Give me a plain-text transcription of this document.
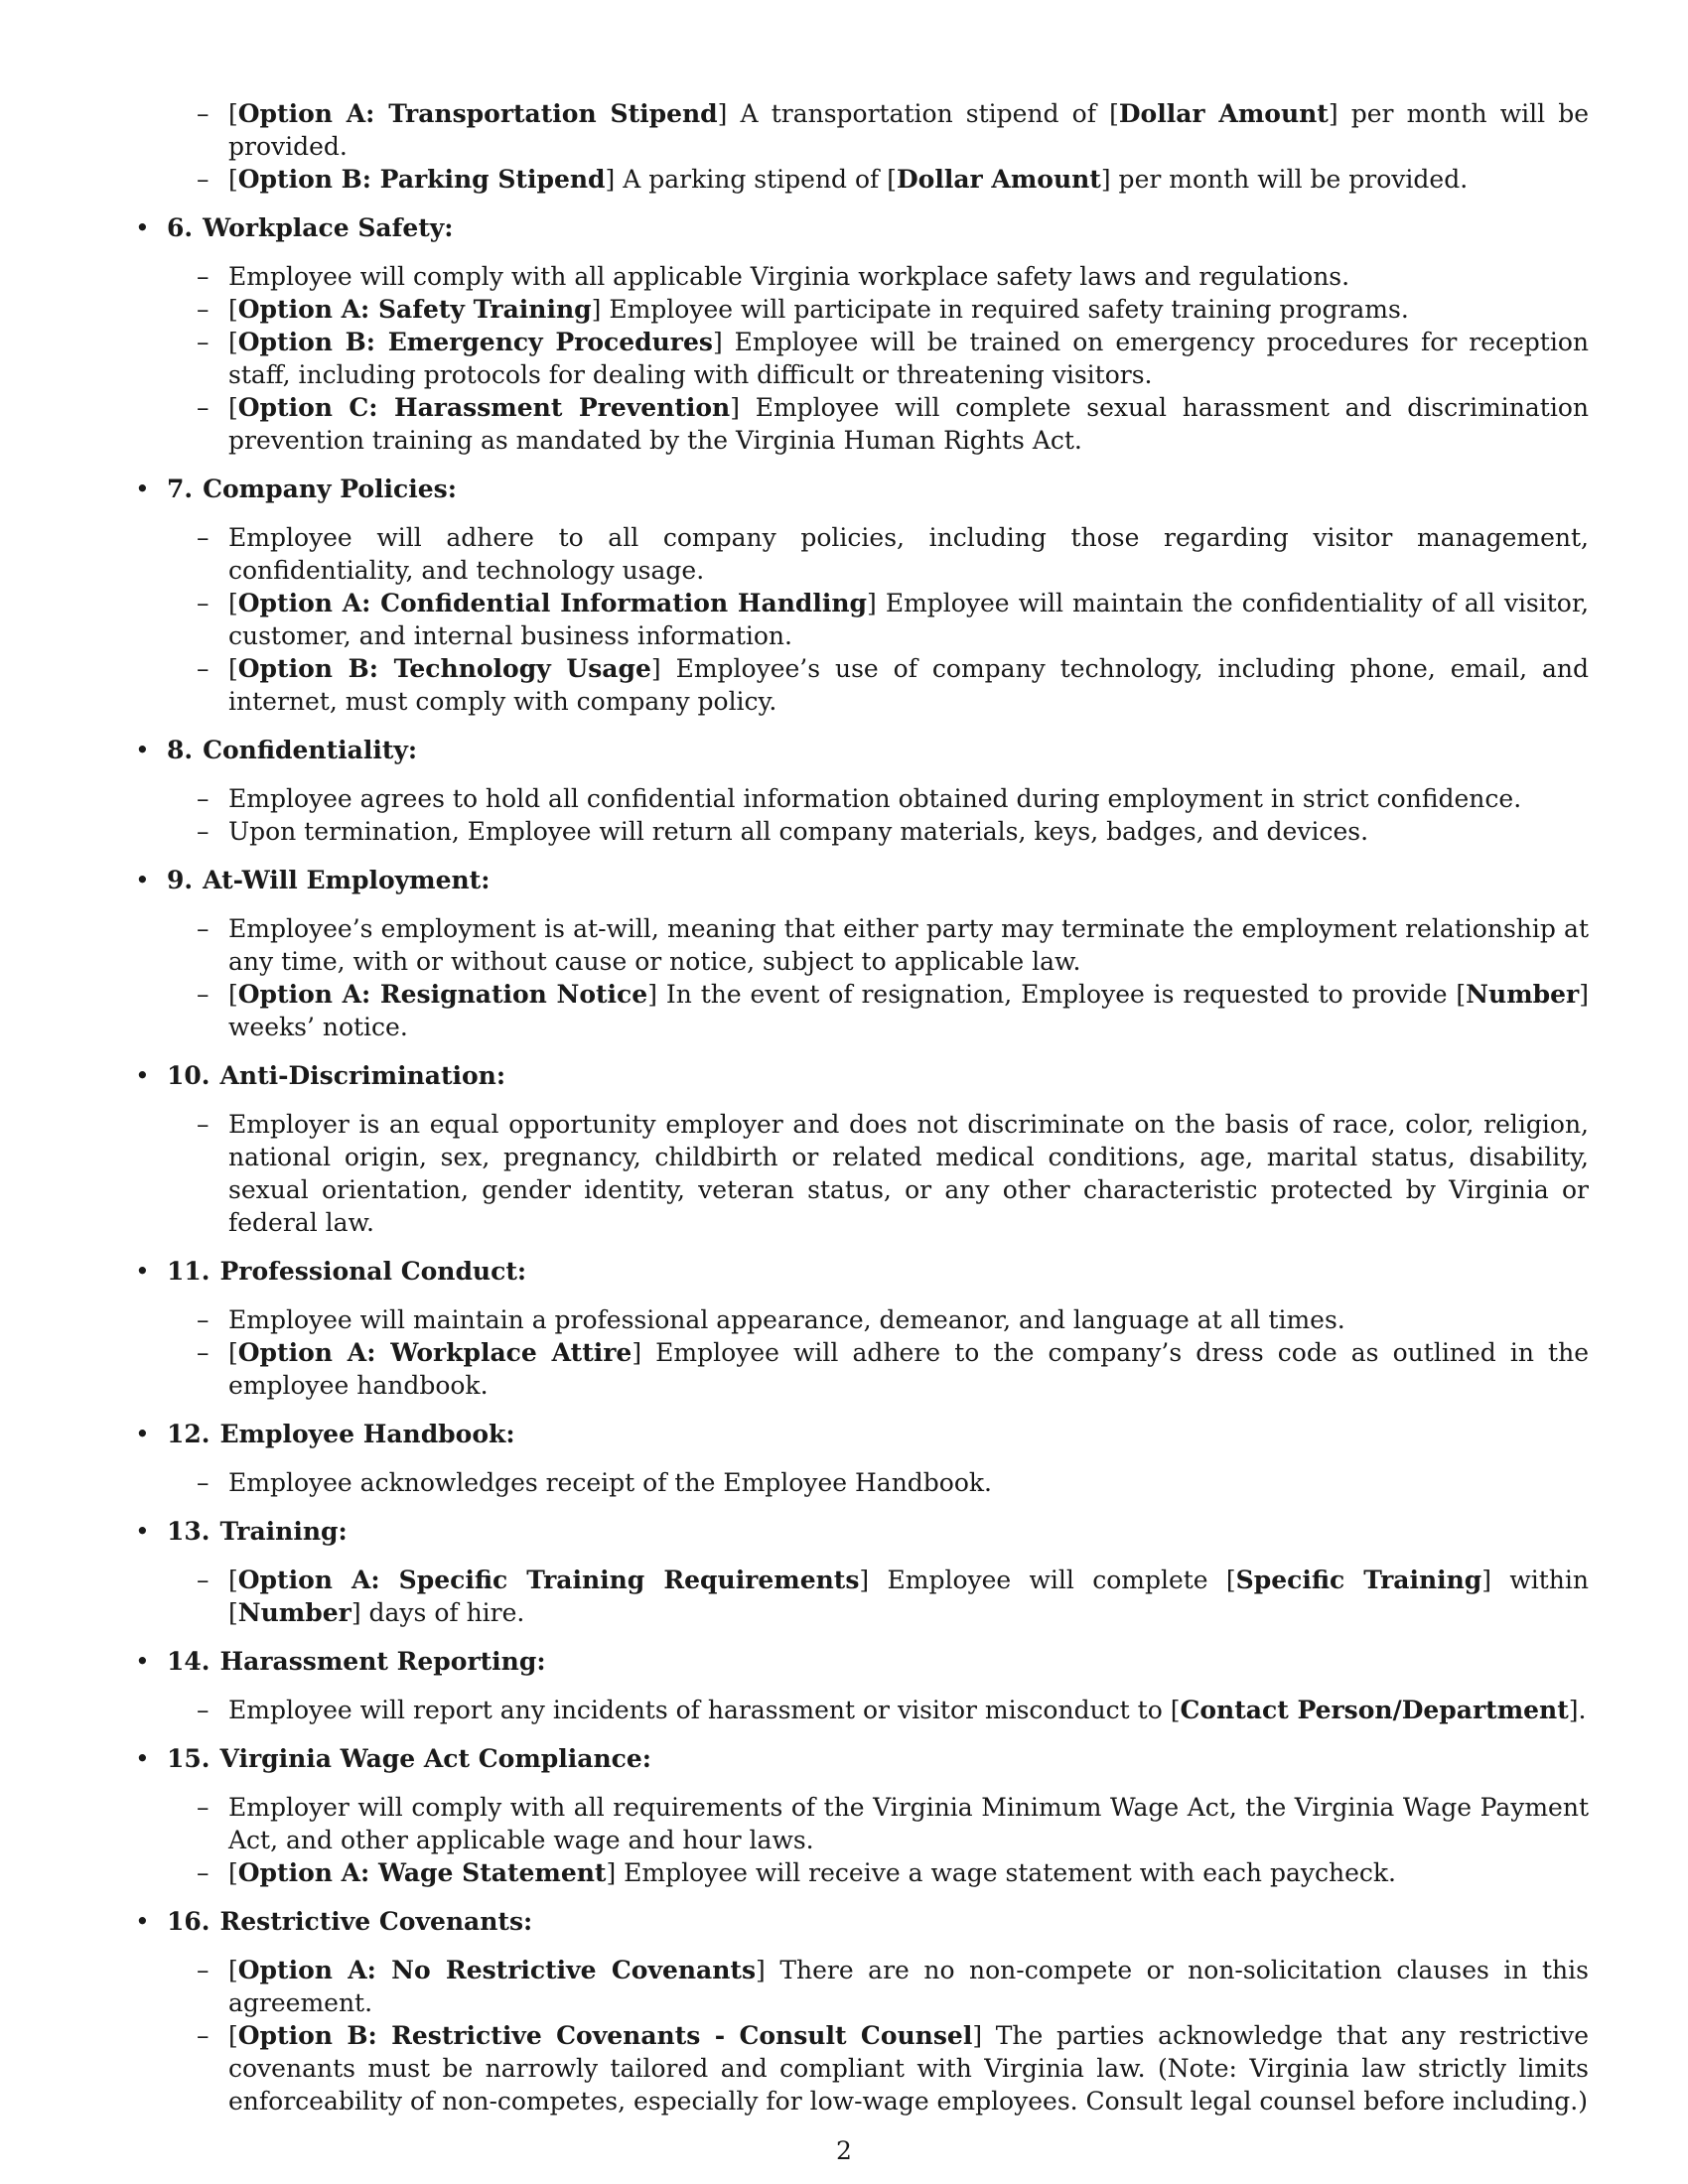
– [Option A: Transportation Stipend] A transportation stipend of [Dollar Amount] per month will be provided.
– [Option B: Parking Stipend] A parking stipend of [Dollar Amount] per month will be provided.
• 6. Workplace Safety:
– Employee will comply with all applicable Virginia workplace safety laws and regulations.
– [Option A: Safety Training] Employee will participate in required safety training programs.
– [Option B: Emergency Procedures] Employee will be trained on emergency procedures for reception staff, including protocols for dealing with difficult or threatening visitors.
– [Option C: Harassment Prevention] Employee will complete sexual harassment and discrimination prevention training as mandated by the Virginia Human Rights Act.
• 7. Company Policies:
– Employee will adhere to all company policies, including those regarding visitor management, confidentiality, and technology usage.
– [Option A: Confidential Information Handling] Employee will maintain the confidentiality of all visitor, customer, and internal business information.
– [Option B: Technology Usage] Employee’s use of company technology, including phone, email, and internet, must comply with company policy.
• 8. Confidentiality:
– Employee agrees to hold all confidential information obtained during employment in strict confidence.
– Upon termination, Employee will return all company materials, keys, badges, and devices.
• 9. At-Will Employment:
– Employee’s employment is at-will, meaning that either party may terminate the employment relationship at any time, with or without cause or notice, subject to applicable law.
– [Option A: Resignation Notice] In the event of resignation, Employee is requested to provide [Number] weeks’ notice.
• 10. Anti-Discrimination:
– Employer is an equal opportunity employer and does not discriminate on the basis of race, color, religion, national origin, sex, pregnancy, childbirth or related medical conditions, age, marital status, disability, sexual orientation, gender identity, veteran status, or any other characteristic protected by Virginia or federal law.
• 11. Professional Conduct:
– Employee will maintain a professional appearance, demeanor, and language at all times.
– [Option A: Workplace Attire] Employee will adhere to the company’s dress code as outlined in the employee handbook.
• 12. Employee Handbook:
– Employee acknowledges receipt of the Employee Handbook.
• 13. Training:
– [Option A: Specific Training Requirements] Employee will complete [Specific Training] within [Number] days of hire.
• 14. Harassment Reporting:
– Employee will report any incidents of harassment or visitor misconduct to [Contact Person/Department].
• 15. Virginia Wage Act Compliance:
– Employer will comply with all requirements of the Virginia Minimum Wage Act, the Virginia Wage Payment Act, and other applicable wage and hour laws.
– [Option A: Wage Statement] Employee will receive a wage statement with each paycheck.
• 16. Restrictive Covenants:
– [Option A: No Restrictive Covenants] There are no non-compete or non-solicitation clauses in this agreement.
– [Option B: Restrictive Covenants - Consult Counsel] The parties acknowledge that any restrictive covenants must be narrowly tailored and compliant with Virginia law. (Note: Virginia law strictly limits enforceability of non-competes, especially for low-wage employees. Consult legal counsel before including.)
2
